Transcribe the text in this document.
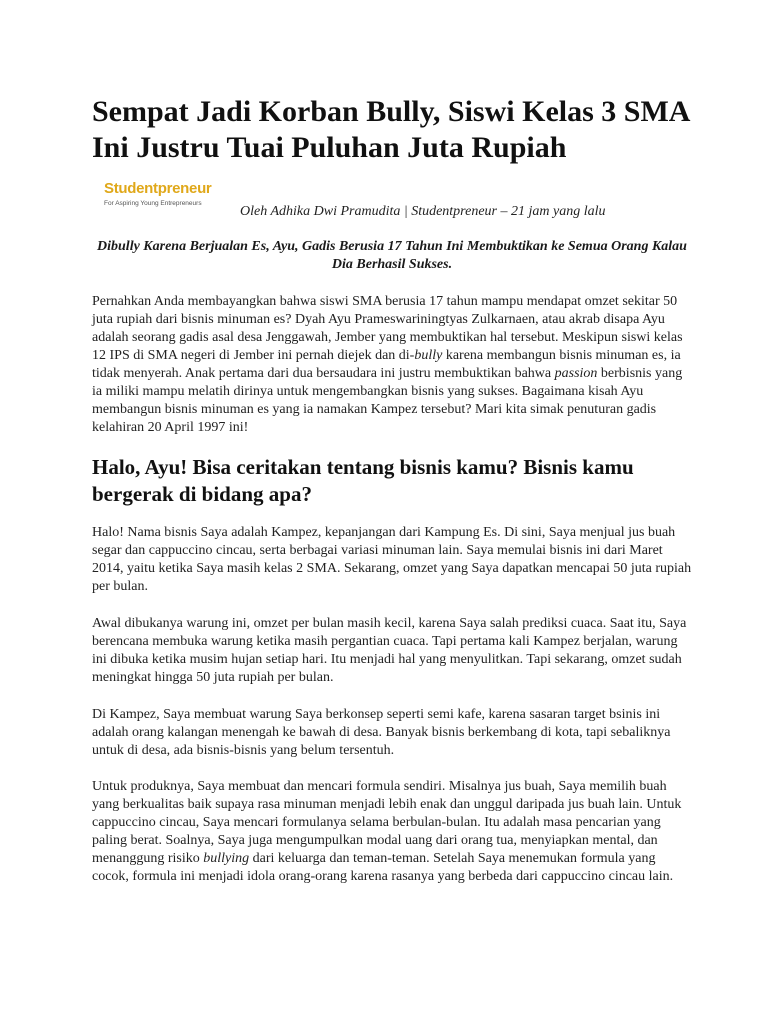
Sempat Jadi Korban Bully, Siswi Kelas 3 SMA Ini Justru Tuai Puluhan Juta Rupiah
Studentpreneur
For Aspiring Young Entrepreneurs
Oleh Adhika Dwi Pramudita | Studentpreneur – 21 jam yang lalu

Dibully Karena Berjualan Es, Ayu, Gadis Berusia 17 Tahun Ini Membuktikan ke Semua Orang Kalau Dia Berhasil Sukses.

Pernahkan Anda membayangkan bahwa siswi SMA berusia 17 tahun mampu mendapat omzet sekitar 50 juta rupiah dari bisnis minuman es? Dyah Ayu Prameswariningtyas Zulkarnaen, atau akrab disapa Ayu adalah seorang gadis asal desa Jenggawah, Jember yang membuktikan hal tersebut. Meskipun siswi kelas 12 IPS di SMA negeri di Jember ini pernah diejek dan di-bully karena membangun bisnis minuman es, ia tidak menyerah. Anak pertama dari dua bersaudara ini justru membuktikan bahwa passion berbisnis yang ia miliki mampu melatih dirinya untuk mengembangkan bisnis yang sukses. Bagaimana kisah Ayu membangun bisnis minuman es yang ia namakan Kampez tersebut? Mari kita simak penuturan gadis kelahiran 20 April 1997 ini!

Halo, Ayu! Bisa ceritakan tentang bisnis kamu? Bisnis kamu bergerak di bidang apa?

Halo! Nama bisnis Saya adalah Kampez, kepanjangan dari Kampung Es. Di sini, Saya menjual jus buah segar dan cappuccino cincau, serta berbagai variasi minuman lain. Saya memulai bisnis ini dari Maret 2014, yaitu ketika Saya masih kelas 2 SMA. Sekarang, omzet yang Saya dapatkan mencapai 50 juta rupiah per bulan.

Awal dibukanya warung ini, omzet per bulan masih kecil, karena Saya salah prediksi cuaca. Saat itu, Saya berencana membuka warung ketika masih pergantian cuaca. Tapi pertama kali Kampez berjalan, warung ini dibuka ketika musim hujan setiap hari. Itu menjadi hal yang menyulitkan. Tapi sekarang, omzet sudah meningkat hingga 50 juta rupiah per bulan.

Di Kampez, Saya membuat warung Saya berkonsep seperti semi kafe, karena sasaran target bsinis ini adalah orang kalangan menengah ke bawah di desa. Banyak bisnis berkembang di kota, tapi sebaliknya untuk di desa, ada bisnis-bisnis yang belum tersentuh.

Untuk produknya, Saya membuat dan mencari formula sendiri. Misalnya jus buah, Saya memilih buah yang berkualitas baik supaya rasa minuman menjadi lebih enak dan unggul daripada jus buah lain. Untuk cappuccino cincau, Saya mencari formulanya selama berbulan-bulan. Itu adalah masa pencarian yang paling berat. Soalnya, Saya juga mengumpulkan modal uang dari orang tua, menyiapkan mental, dan menanggung risiko bullying dari keluarga dan teman-teman. Setelah Saya menemukan formula yang cocok, formula ini menjadi idola orang-orang karena rasanya yang berbeda dari cappuccino cincau lain.
